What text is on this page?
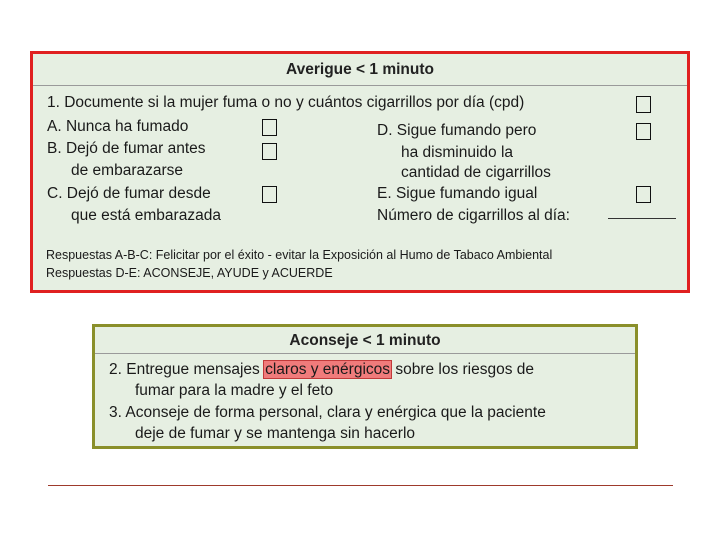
Averigue < 1 minuto
1. Documente si la mujer fuma o no y cuántos cigarrillos por día (cpd)
A. Nunca ha fumado
B. Dejó de fumar antes
de embarazarse
C. Dejó de fumar desde
que está embarazada
D. Sigue fumando pero
ha disminuido la
cantidad de cigarrillos
E. Sigue fumando igual
Número de cigarrillos al día:
Respuestas A-B-C: Felicitar por el éxito - evitar la Exposición al Humo de Tabaco Ambiental
Respuestas D-E: ACONSEJE, AYUDE y ACUERDE
Aconseje < 1 minuto
2. Entregue mensajes claros y enérgicos sobre los riesgos de
fumar para la madre y el feto
3. Aconseje de forma personal, clara y enérgica que la paciente
deje de fumar y se mantenga sin hacerlo
